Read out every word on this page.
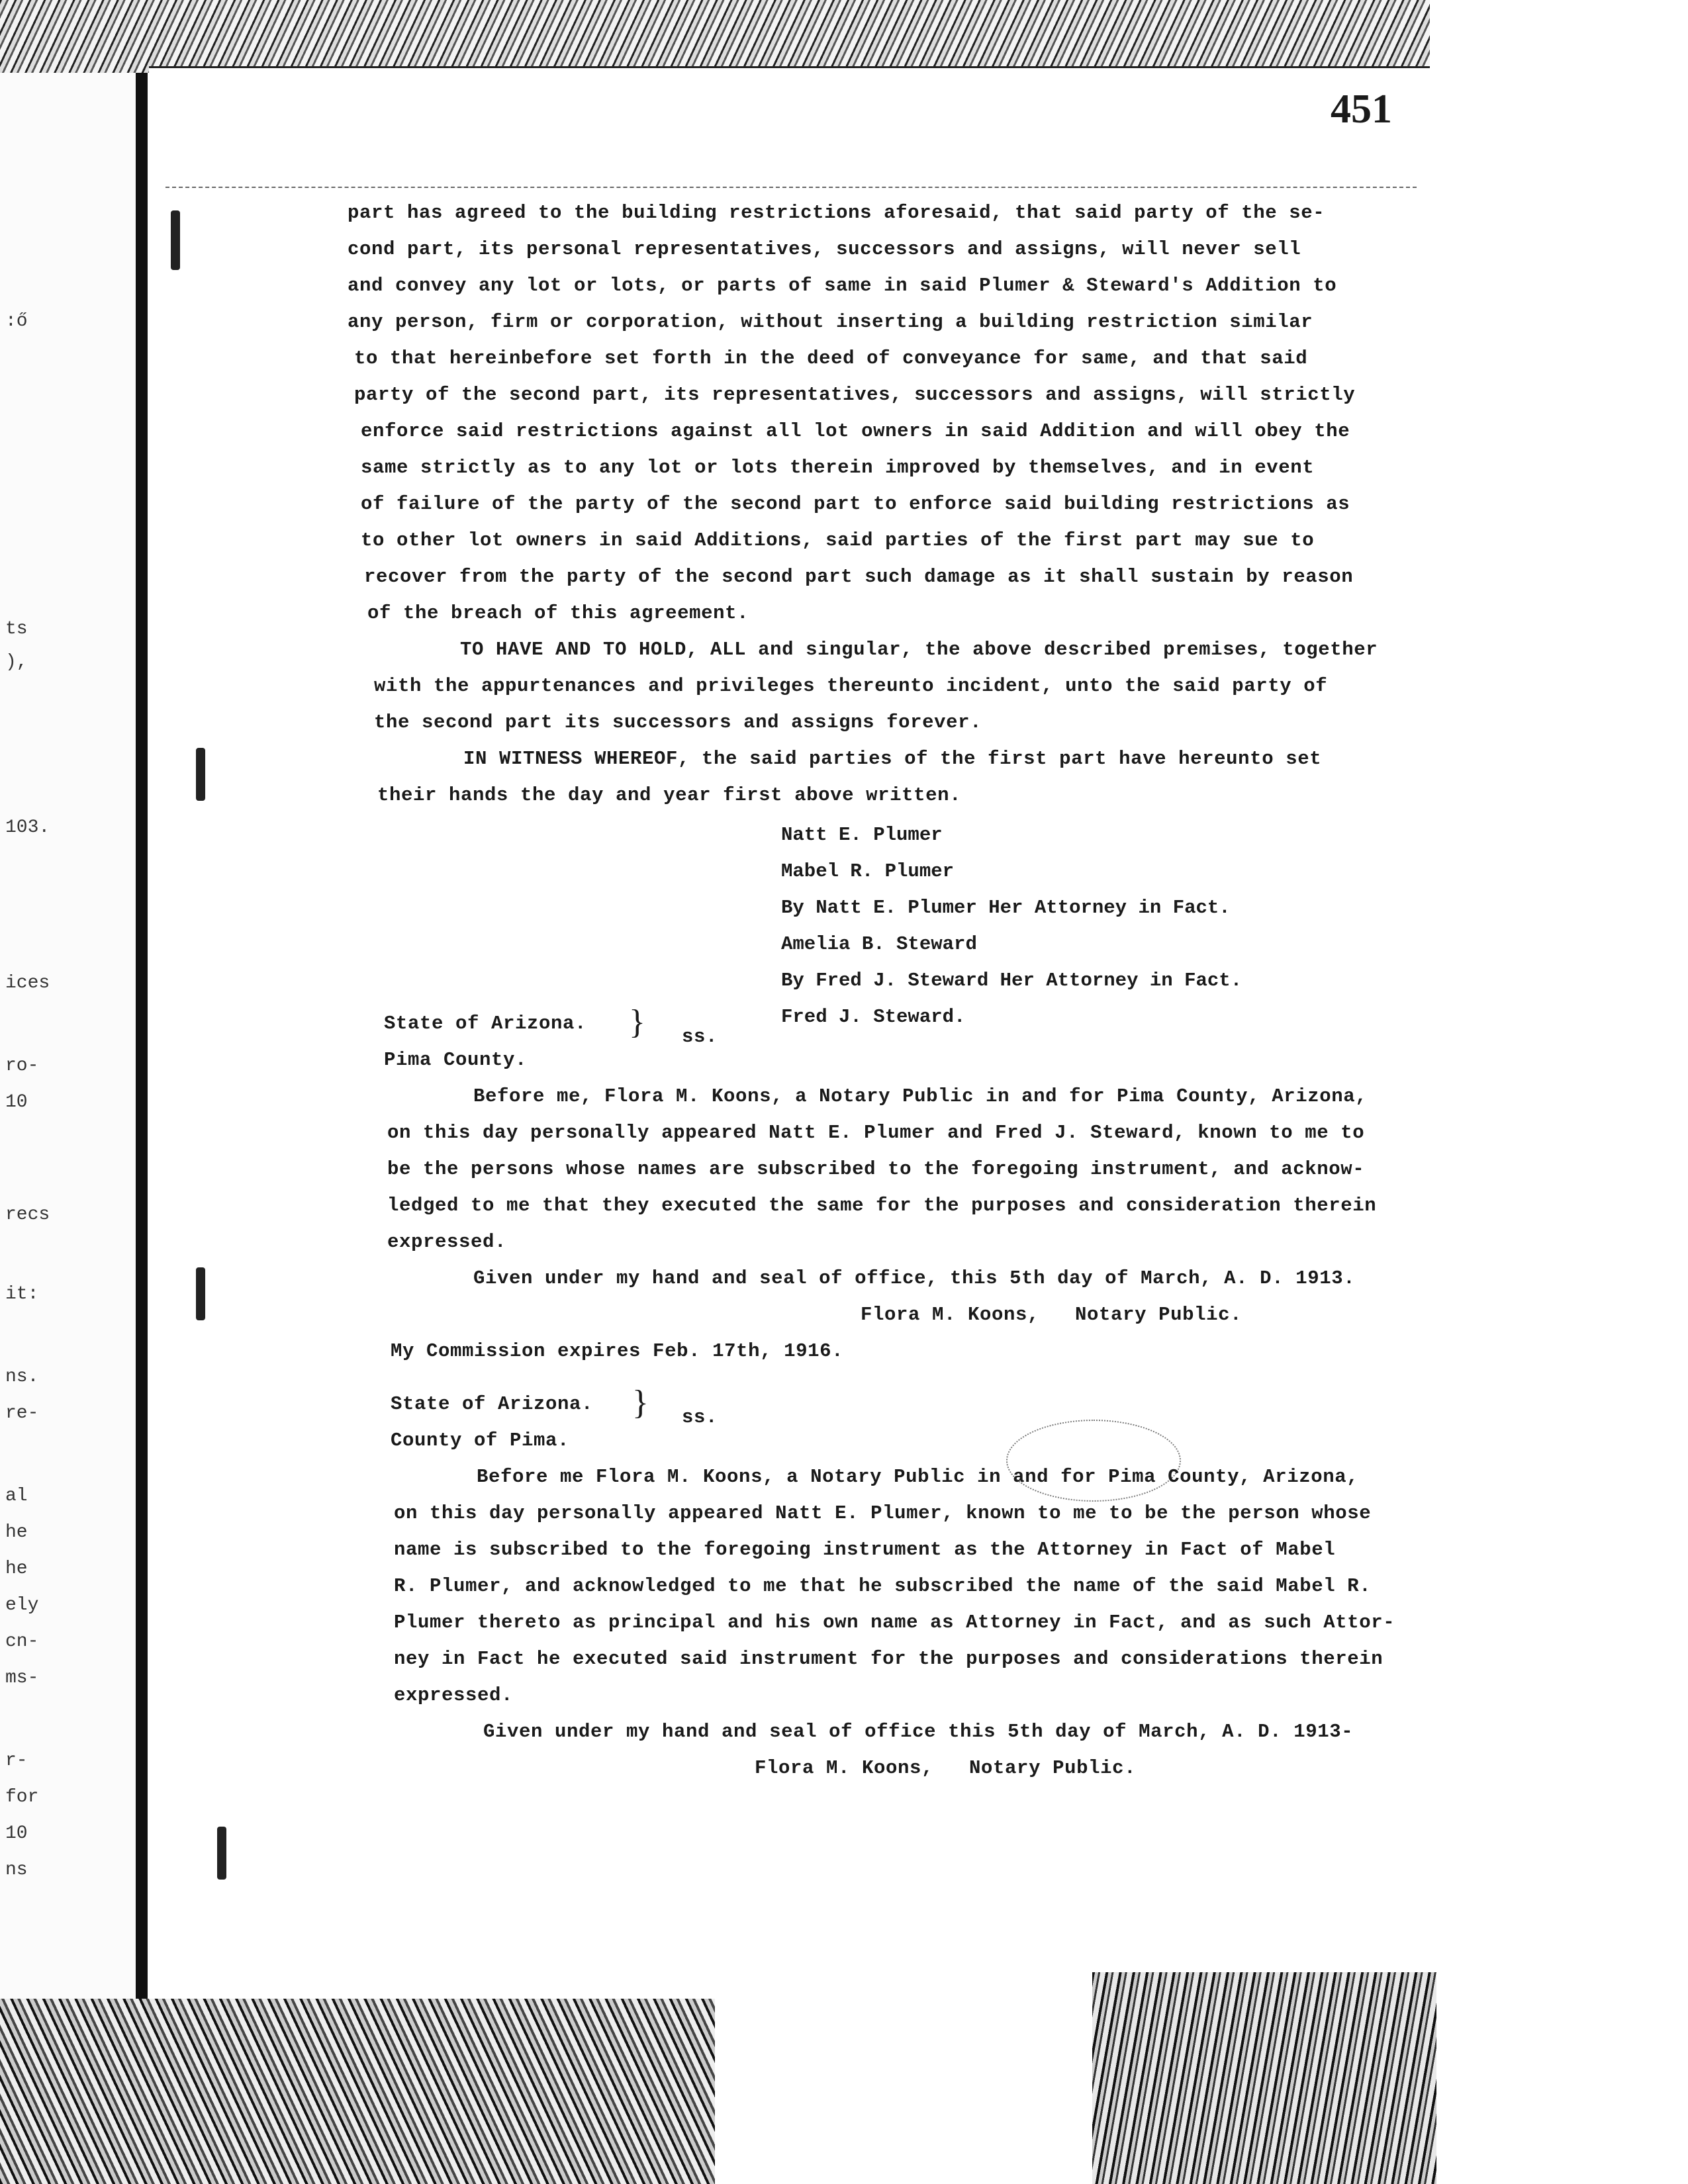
451
:ő
ts
),
103.
ices
ro-
10
recs
it:
ns.
re-
al
he
he
ely
cn-
ms-
r-
for
10
ns
part has agreed to the building restrictions aforesaid, that said party of the se-
cond part, its personal representatives, successors and assigns, will never sell
and convey any lot or lots, or parts of same in said Plumer & Steward's Addition to
any person, firm or corporation, without inserting a building restriction similar
to that hereinbefore set forth in the deed of conveyance for same, and that said
party of the second part, its representatives, successors and assigns, will strictly
enforce said restrictions against all lot owners in said Addition and will obey the
same strictly as to any lot or lots therein improved by themselves, and in event
of failure of the party of the second part to enforce said building restrictions as
to other lot owners in said Additions, said parties of the first part may sue to
recover from the party of the second part such damage as it shall sustain by reason
of the breach of this agreement.
TO HAVE AND TO HOLD, ALL and singular, the above described premises, together
with the appurtenances and privileges thereunto incident, unto the said party of
the second part its successors and assigns forever.
IN WITNESS WHEREOF, the said parties of the first part have hereunto set
their hands the day and year first above written.
Natt E. Plumer
Mabel R. Plumer
By Natt E. Plumer Her Attorney in Fact.
Amelia B. Steward
By Fred J. Steward Her Attorney in Fact.
Fred J. Steward.
State of Arizona. } ss.
Pima County.
Before me, Flora M. Koons, a Notary Public in and for Pima County, Arizona,
on this day personally appeared Natt E. Plumer and Fred J. Steward, known to me to
be the persons whose names are subscribed to the foregoing instrument, and acknow-
ledged to me that they executed the same for the purposes and consideration therein
expressed.
Given under my hand and seal of office, this 5th day of March, A. D. 1913.
Flora M. Koons,   Notary Public.
My Commission expires Feb. 17th, 1916.
State of Arizona. } ss.
County of Pima.
Before me Flora M. Koons, a Notary Public in and for Pima County, Arizona,
on this day personally appeared Natt E. Plumer, known to me to be the person whose
name is subscribed to the foregoing instrument as the Attorney in Fact of Mabel
R. Plumer, and acknowledged to me that he subscribed the name of the said Mabel R.
Plumer thereto as principal and his own name as Attorney in Fact, and as such Attor-
ney in Fact he executed said instrument for the purposes and considerations therein
expressed.
Given under my hand and seal of office this 5th day of March, A. D. 1913-
Flora M. Koons,   Notary Public.
